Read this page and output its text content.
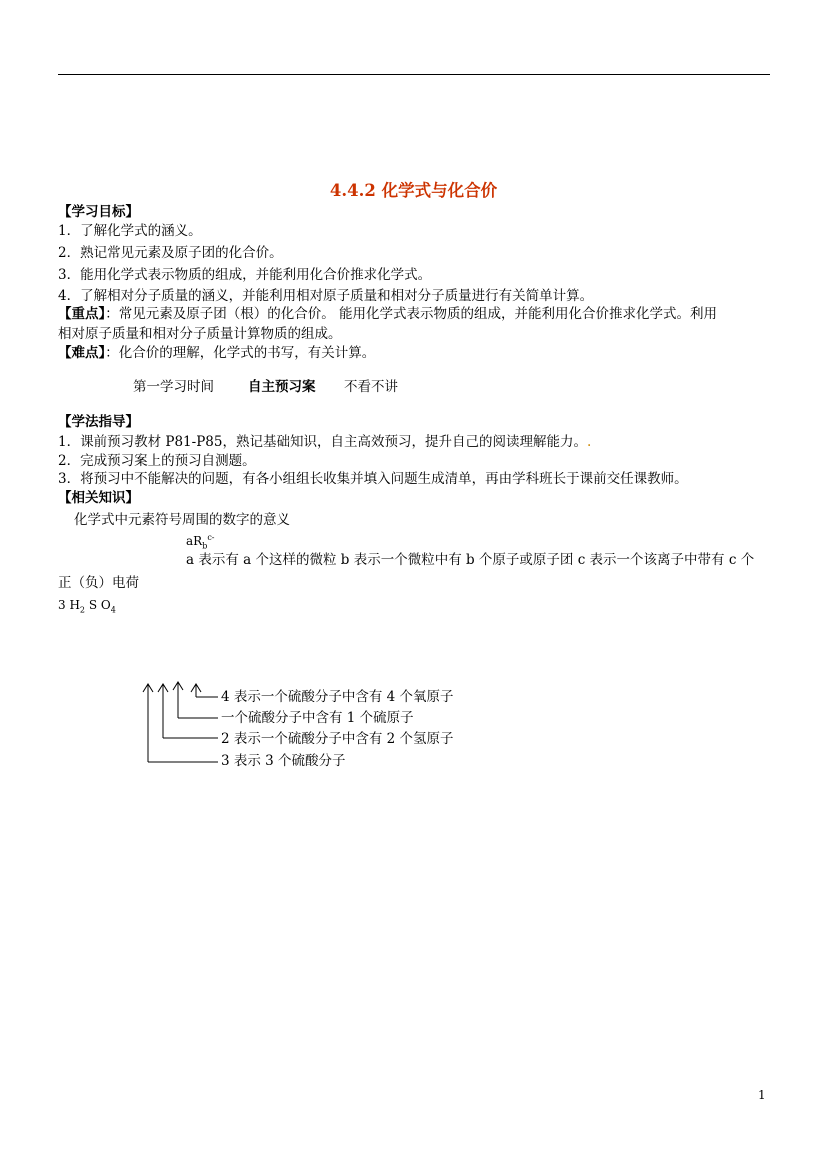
4.4.2 化学式与化合价
【学习目标】
1．了解化学式的涵义。
2．熟记常见元素及原子团的化合价。
3．能用化学式表示物质的组成，并能利用化合价推求化学式。
4．了解相对分子质量的涵义，并能利用相对原子质量和相对分子质量进行有关简单计算。
【重点】：常见元素及原子团（根）的化合价。 能用化学式表示物质的组成，并能利用化合价推求化学式。利用
相对原子质量和相对分子质量计算物质的组成。
【难点】：化合价的理解，化学式的书写，有关计算。
第一学习时间	自主预习案 不看不讲
【学法指导】
1．课前预习教材 P81-P85，熟记基础知识，自主高效预习，提升自己的阅读理解能力。.
2．完成预习案上的预习自测题。
3．将预习中不能解决的问题，有各小组组长收集并填入问题生成清单，再由学科班长于课前交任课教师。
【相关知识】
化学式中元素符号周围的数字的意义
$aR_b^{c-}$
a 表示有 a 个这样的微粒 b 表示一个微粒中有 b 个原子或原子团 c 表示一个该离子中带有 c 个
正（负）电荷
3 $H_2$ S $O_4$
4 表示一个硫酸分子中含有 4 个氧原子
一个硫酸分子中含有 1 个硫原子
2 表示一个硫酸分子中含有 2 个氢原子
3 表示 3 个硫酸分子
1
